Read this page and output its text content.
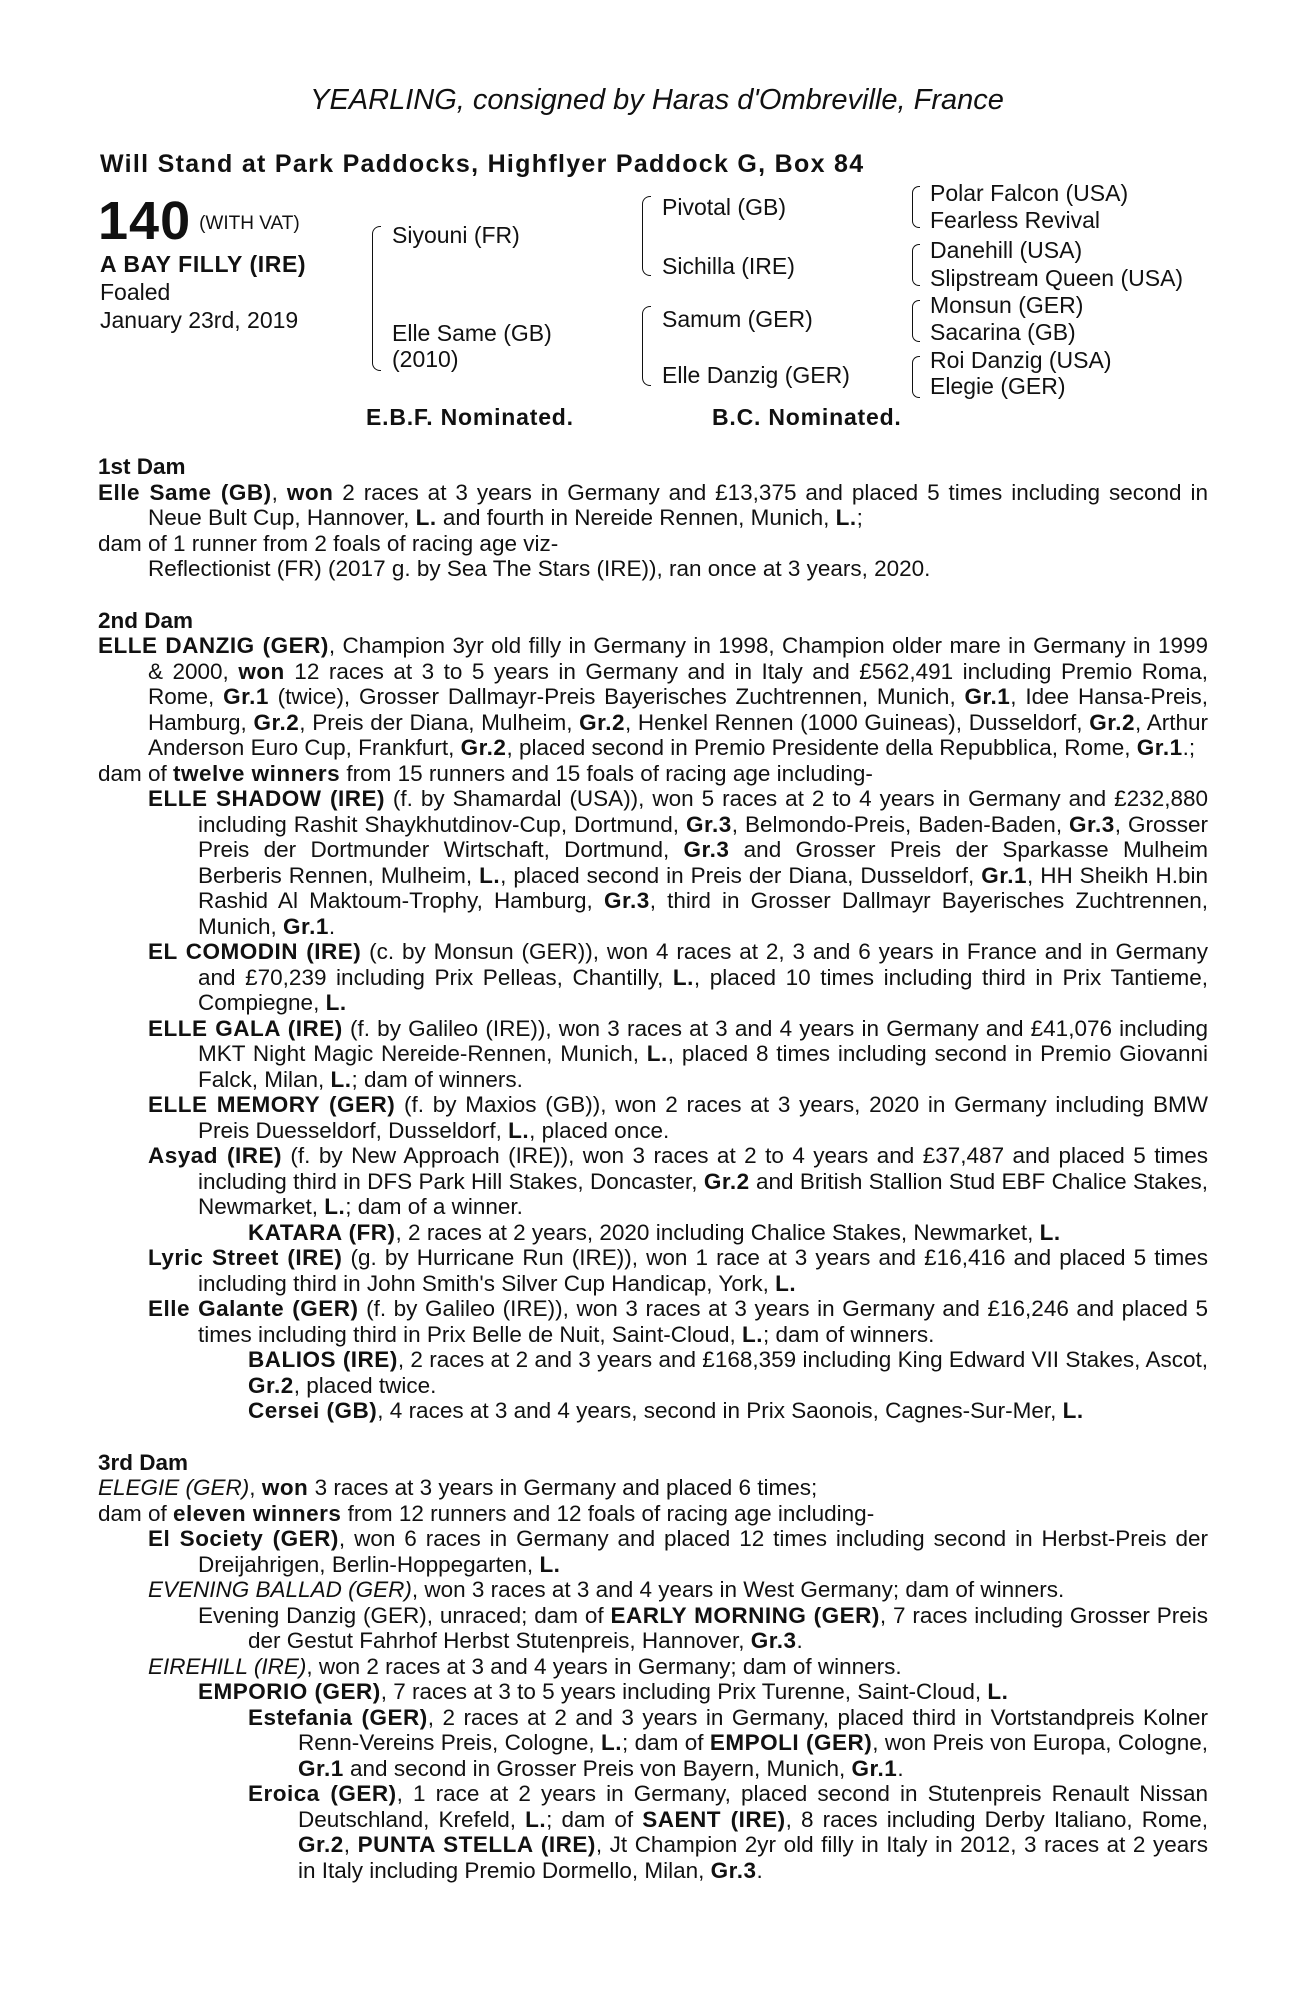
YEARLING, consigned by Haras d'Ombreville, France
Will Stand at Park Paddocks, Highflyer Paddock G, Box 84
140 (WITH VAT)
A BAY FILLY (IRE)
Foaled
January 23rd, 2019
Siyouni (FR)
Elle Same (GB)
(2010)
Pivotal (GB)
Sichilla (IRE)
Samum (GER)
Elle Danzig (GER)
Polar Falcon (USA)
Fearless Revival
Danehill (USA)
Slipstream Queen (USA)
Monsun (GER)
Sacarina (GB)
Roi Danzig (USA)
Elegie (GER)
E.B.F. Nominated.	B.C. Nominated.
1st Dam
Elle Same (GB), won 2 races at 3 years in Germany and £13,375 and placed 5 times including second in Neue Bult Cup, Hannover, L. and fourth in Nereide Rennen, Munich, L.;
dam of 1 runner from 2 foals of racing age viz-
Reflectionist (FR) (2017 g. by Sea The Stars (IRE)), ran once at 3 years, 2020.
2nd Dam
ELLE DANZIG (GER), Champion 3yr old filly in Germany in 1998, Champion older mare in Germany in 1999 & 2000, won 12 races at 3 to 5 years in Germany and in Italy and £562,491 including Premio Roma, Rome, Gr.1 (twice), Grosser Dallmayr-Preis Bayerisches Zuchtrennen, Munich, Gr.1, Idee Hansa-Preis, Hamburg, Gr.2, Preis der Diana, Mulheim, Gr.2, Henkel Rennen (1000 Guineas), Dusseldorf, Gr.2, Arthur Anderson Euro Cup, Frankfurt, Gr.2, placed second in Premio Presidente della Repubblica, Rome, Gr.1.;
dam of twelve winners from 15 runners and 15 foals of racing age including-
ELLE SHADOW (IRE) (f. by Shamardal (USA)), won 5 races at 2 to 4 years in Germany and £232,880 including Rashit Shaykhutdinov-Cup, Dortmund, Gr.3, Belmondo-Preis, Baden-Baden, Gr.3, Grosser Preis der Dortmunder Wirtschaft, Dortmund, Gr.3 and Grosser Preis der Sparkasse Mulheim Berberis Rennen, Mulheim, L., placed second in Preis der Diana, Dusseldorf, Gr.1, HH Sheikh H.bin Rashid Al Maktoum-Trophy, Hamburg, Gr.3, third in Grosser Dallmayr Bayerisches Zuchtrennen, Munich, Gr.1.
EL COMODIN (IRE) (c. by Monsun (GER)), won 4 races at 2, 3 and 6 years in France and in Germany and £70,239 including Prix Pelleas, Chantilly, L., placed 10 times including third in Prix Tantieme, Compiegne, L.
ELLE GALA (IRE) (f. by Galileo (IRE)), won 3 races at 3 and 4 years in Germany and £41,076 including MKT Night Magic Nereide-Rennen, Munich, L., placed 8 times including second in Premio Giovanni Falck, Milan, L.; dam of winners.
ELLE MEMORY (GER) (f. by Maxios (GB)), won 2 races at 3 years, 2020 in Germany including BMW Preis Duesseldorf, Dusseldorf, L., placed once.
Asyad (IRE) (f. by New Approach (IRE)), won 3 races at 2 to 4 years and £37,487 and placed 5 times including third in DFS Park Hill Stakes, Doncaster, Gr.2 and British Stallion Stud EBF Chalice Stakes, Newmarket, L.; dam of a winner.
KATARA (FR), 2 races at 2 years, 2020 including Chalice Stakes, Newmarket, L.
Lyric Street (IRE) (g. by Hurricane Run (IRE)), won 1 race at 3 years and £16,416 and placed 5 times including third in John Smith's Silver Cup Handicap, York, L.
Elle Galante (GER) (f. by Galileo (IRE)), won 3 races at 3 years in Germany and £16,246 and placed 5 times including third in Prix Belle de Nuit, Saint-Cloud, L.; dam of winners.
BALIOS (IRE), 2 races at 2 and 3 years and £168,359 including King Edward VII Stakes, Ascot, Gr.2, placed twice.
Cersei (GB), 4 races at 3 and 4 years, second in Prix Saonois, Cagnes-Sur-Mer, L.
3rd Dam
ELEGIE (GER), won 3 races at 3 years in Germany and placed 6 times;
dam of eleven winners from 12 runners and 12 foals of racing age including-
El Society (GER), won 6 races in Germany and placed 12 times including second in Herbst-Preis der Dreijahrigen, Berlin-Hoppegarten, L.
EVENING BALLAD (GER), won 3 races at 3 and 4 years in West Germany; dam of winners.
Evening Danzig (GER), unraced; dam of EARLY MORNING (GER), 7 races including Grosser Preis der Gestut Fahrhof Herbst Stutenpreis, Hannover, Gr.3.
EIREHILL (IRE), won 2 races at 3 and 4 years in Germany; dam of winners.
EMPORIO (GER), 7 races at 3 to 5 years including Prix Turenne, Saint-Cloud, L.
Estefania (GER), 2 races at 2 and 3 years in Germany, placed third in Vortstandpreis Kolner Renn-Vereins Preis, Cologne, L.; dam of EMPOLI (GER), won Preis von Europa, Cologne, Gr.1 and second in Grosser Preis von Bayern, Munich, Gr.1.
Eroica (GER), 1 race at 2 years in Germany, placed second in Stutenpreis Renault Nissan Deutschland, Krefeld, L.; dam of SAENT (IRE), 8 races including Derby Italiano, Rome, Gr.2, PUNTA STELLA (IRE), Jt Champion 2yr old filly in Italy in 2012, 3 races at 2 years in Italy including Premio Dormello, Milan, Gr.3.
